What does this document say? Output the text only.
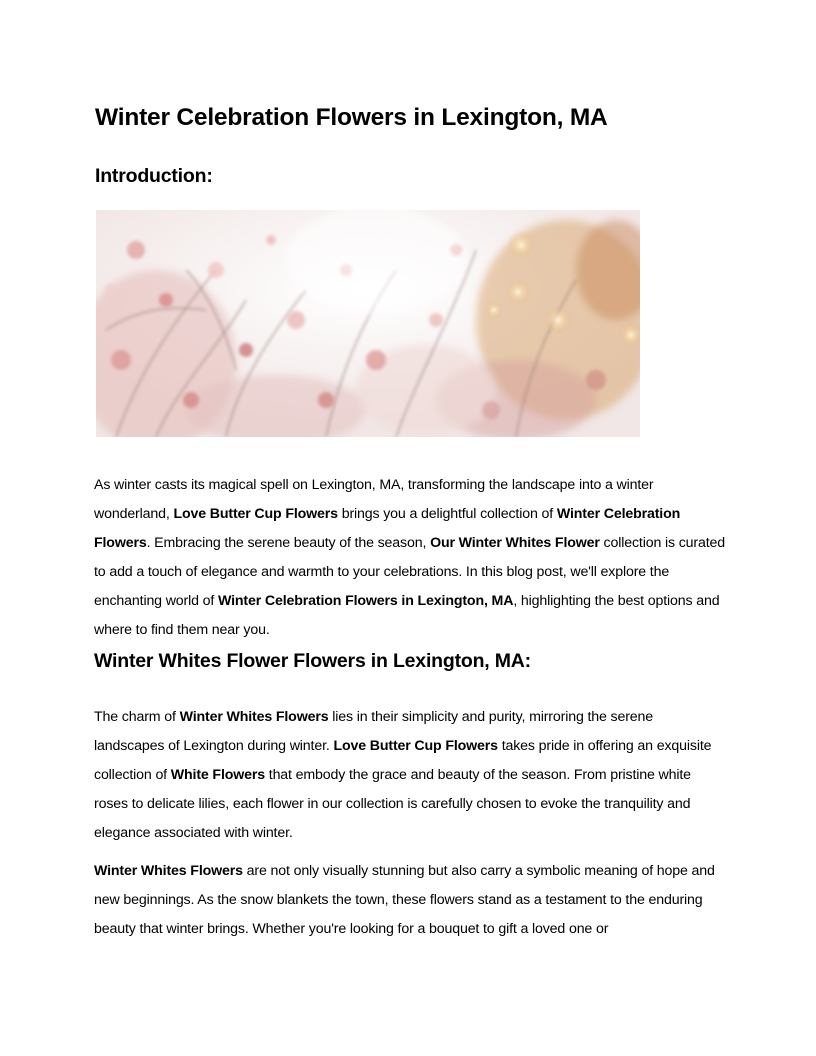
Winter Celebration Flowers in Lexington, MA
Introduction:

As winter casts its magical spell on Lexington, MA, transforming the landscape into a winter wonderland, Love Butter Cup Flowers brings you a delightful collection of Winter Celebration Flowers. Embracing the serene beauty of the season, Our Winter Whites Flower collection is curated to add a touch of elegance and warmth to your celebrations. In this blog post, we'll explore the enchanting world of Winter Celebration Flowers in Lexington, MA, highlighting the best options and where to find them near you.

Winter Whites Flower Flowers in Lexington, MA:

The charm of Winter Whites Flowers lies in their simplicity and purity, mirroring the serene landscapes of Lexington during winter. Love Butter Cup Flowers takes pride in offering an exquisite collection of White Flowers that embody the grace and beauty of the season. From pristine white roses to delicate lilies, each flower in our collection is carefully chosen to evoke the tranquility and elegance associated with winter.

Winter Whites Flowers are not only visually stunning but also carry a symbolic meaning of hope and new beginnings. As the snow blankets the town, these flowers stand as a testament to the enduring beauty that winter brings. Whether you're looking for a bouquet to gift a loved one or
